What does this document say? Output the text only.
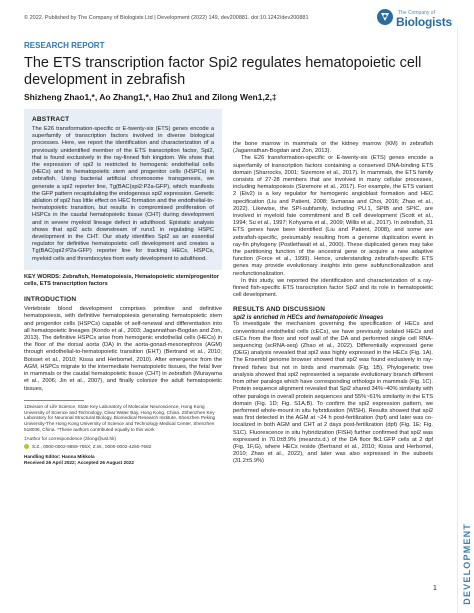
© 2022. Published by The Company of Biologists Ltd | Development (2022) 149, dev200881. doi:10.1242/dev200881
The Company of
Biologists
DEVELOPMENT
RESEARCH REPORT
The ETS transcription factor Spi2 regulates hematopoietic cell development in zebrafish
Shizheng Zhao1,*, Ao Zhang1,*, Hao Zhu1 and Zilong Wen1,2,‡
ABSTRACT
The E26 transformation-specific or E-twenty-six (ETS) genes encode a superfamily of transcription factors involved in diverse biological processes. Here, we report the identification and characterization of a previously unidentified member of the ETS transcription factor, Spi2, that is found exclusively in the ray-finned fish kingdom. We show that the expression of spi2 is restricted to hemogenic endothelial cells (HECs) and to hematopoietic stem and progenitor cells (HSPCs) in zebrafish. Using bacterial artificial chromosome transgenesis, we generate a spi2 reporter line, Tg(BAC(spi2:P2a-GFP), which manifests the GFP pattern recapitulating the endogenous spi2 expression. Genetic ablation of spi2 has little effect on HEC formation and the endothelial-to-hematopoietic transition, but results in compromised proliferation of HSPCs in the caudal hematopoietic tissue (CHT) during development and in severe myeloid lineage defect in adulthood. Epistatic analysis shows that spi2 acts downstream of runx1 in regulating HSPC development in the CHT. Our study identifies Spi2 as an essential regulator for definitive hematopoietic cell development and creates a Tg(BAC(spi2:P2a-GFP) reporter line for tracking HECs, HSPCs, myeloid cells and thrombocytes from early development to adulthood.
KEY WORDS: Zebrafish, Hematopoiesis, Hematopoietic stem/progenitor cells, ETS transcription factors
INTRODUCTION
Vertebrate blood development comprises primitive and definitive hematopoiesis, with definitive hematopoiesis generating hematopoietic stem and progenitor cells (HSPCs) capable of self-renewal and differentiation into all hematopoietic lineages (Kondo et al., 2003; Jagannathan-Bogdan and Zon, 2013). The definitive HSPCs arise from hemogenic endothelial cells (HECs) in the floor of the dorsal aorta (DA) in the aorta-gonad-mesonephros (AGM) through endothelial-to-hematopoietic transition (EHT) (Bertrand et al., 2010; Boisset et al., 2010; Kissa and Herbomel, 2010). After emergence from the AGM, HSPCs migrate to the intermediate hematopoietic tissues, the fetal liver in mammals or the caudal hematopoietic tissue (CHT) in zebrafish (Murayama et al., 2006; Jin et al., 2007), and finally colonize the adult hematopoietic tissues,
1Division of Life Science, State Key Laboratory of Molecular Neuroscience, Hong Kong University of Science and Technology, Clear Water Bay, Hong Kong, China. 2Shenzhen Key Laboratory for Neuronal Structural Biology, Biomedical Research Institute, Shenzhen Peking University-The Hong Kong University of Science and Technology Medical Center, Shenzhen 518036, China. *These authors contributed equally to this work
‡Author for correspondence (zilong@ust.hk)
S.Z., 0000-0002-9859-755X; Z.W., 0000-0002-4260-7682
Handling Editor: Hanna Mikkola
Received 26 April 2022; Accepted 26 August 2022

the bone marrow in mammals or the kidney marrow (KM) in zebrafish (Jagannathan-Bogdan and Zon, 2013).

The E26 transformation-specific or E-twenty-six (ETS) genes encode a superfamily of transcription factors containing a conserved DNA-binding ETS domain (Sharrocks, 2001; Sizemore et al., 2017). In mammals, the ETS family consists of 27-28 members that are involved in many cellular processes, including hematopoiesis (Sizemore et al., 2017). For example, the ETS variant 2 (Etv2) is a key regulator for hemogenic angioblast formation and HEC specification (Liu and Patient, 2008; Sumanas and Choi, 2016; Zhao et al., 2022). Likewise, the SPI-subfamily, including PU.1, SPIB and SPIC, are involved in myeloid fate commitment and B cell development (Scott et al., 1994; Su et al., 1997; Kohyama et al., 2009; Willis et al., 2017). In zebrafish, 31 ETS genes have been identified (Liu and Patient, 2008), and some are zebrafish-specific, presumably resulting from a genome duplication event in ray-fin phylogeny (Postlethwait et al., 2000). These duplicated genes may take the partitioning function of the ancestral gene or acquire a new adaptive function (Force et al., 1999). Hence, understanding zebrafish-specific ETS genes may provide evolutionary insights into gene subfunctionalization and neofunctionalization.

In this study, we reported the identification and characterization of a ray-finned fish-specific ETS transcription factor Spi2 and its role in hematopoietic cell development.

RESULTS AND DISCUSSION
spi2 is enriched in HECs and hematopoietic lineages

To investigate the mechanism governing the specification of HECs and conventional endothelial cells (cECs), we have previously isolated HECs and cECs from the floor and roof wall of the DA and performed single cell RNA-sequencing (scRNA-seq) (Zhao et al., 2022). Differentially expressed gene (DEG) analysis revealed that spi2 was highly expressed in the HECs (Fig. 1A). The Ensembl genome browser showed that spi2 was found exclusively in ray-finned fishes but not in birds and mammals (Fig. 1B). Phylogenetic tree analysis showed that spi2 represented a separate evolutionary branch different from other paralogs which have corresponding orthologs in mammals (Fig. 1C). Protein sequence alignment revealed that Spi2 shared 34%~40% similarity with other paralogs in overall protein sequences and 55%~61% similarity in the ETS domain (Fig. 1D; Fig. S1A,B). To confirm the spi2 expression pattern, we performed whole-mount in situ hybridization (WISH). Results showed that spi2 was first detected in the AGM at ~24 h post-fertilization (hpf) and later was co-localized in both AGM and CHT at 2 days post-fertilization (dpf) (Fig. 1E; Fig. S1C). Fluorescence in situ hybridization (FISH) further confirmed that spi2 was expressed in 70.0±8.9% (mean±s.d.) of the DA floor flk1:GFP cells at 2 dpf (Fig. 1F,G), where HECs reside (Bertrand et al., 2010; Kissa and Herbomel, 2010; Zhao et al., 2022), and later was also expressed in the subsets (31.2±5.9%)

1
